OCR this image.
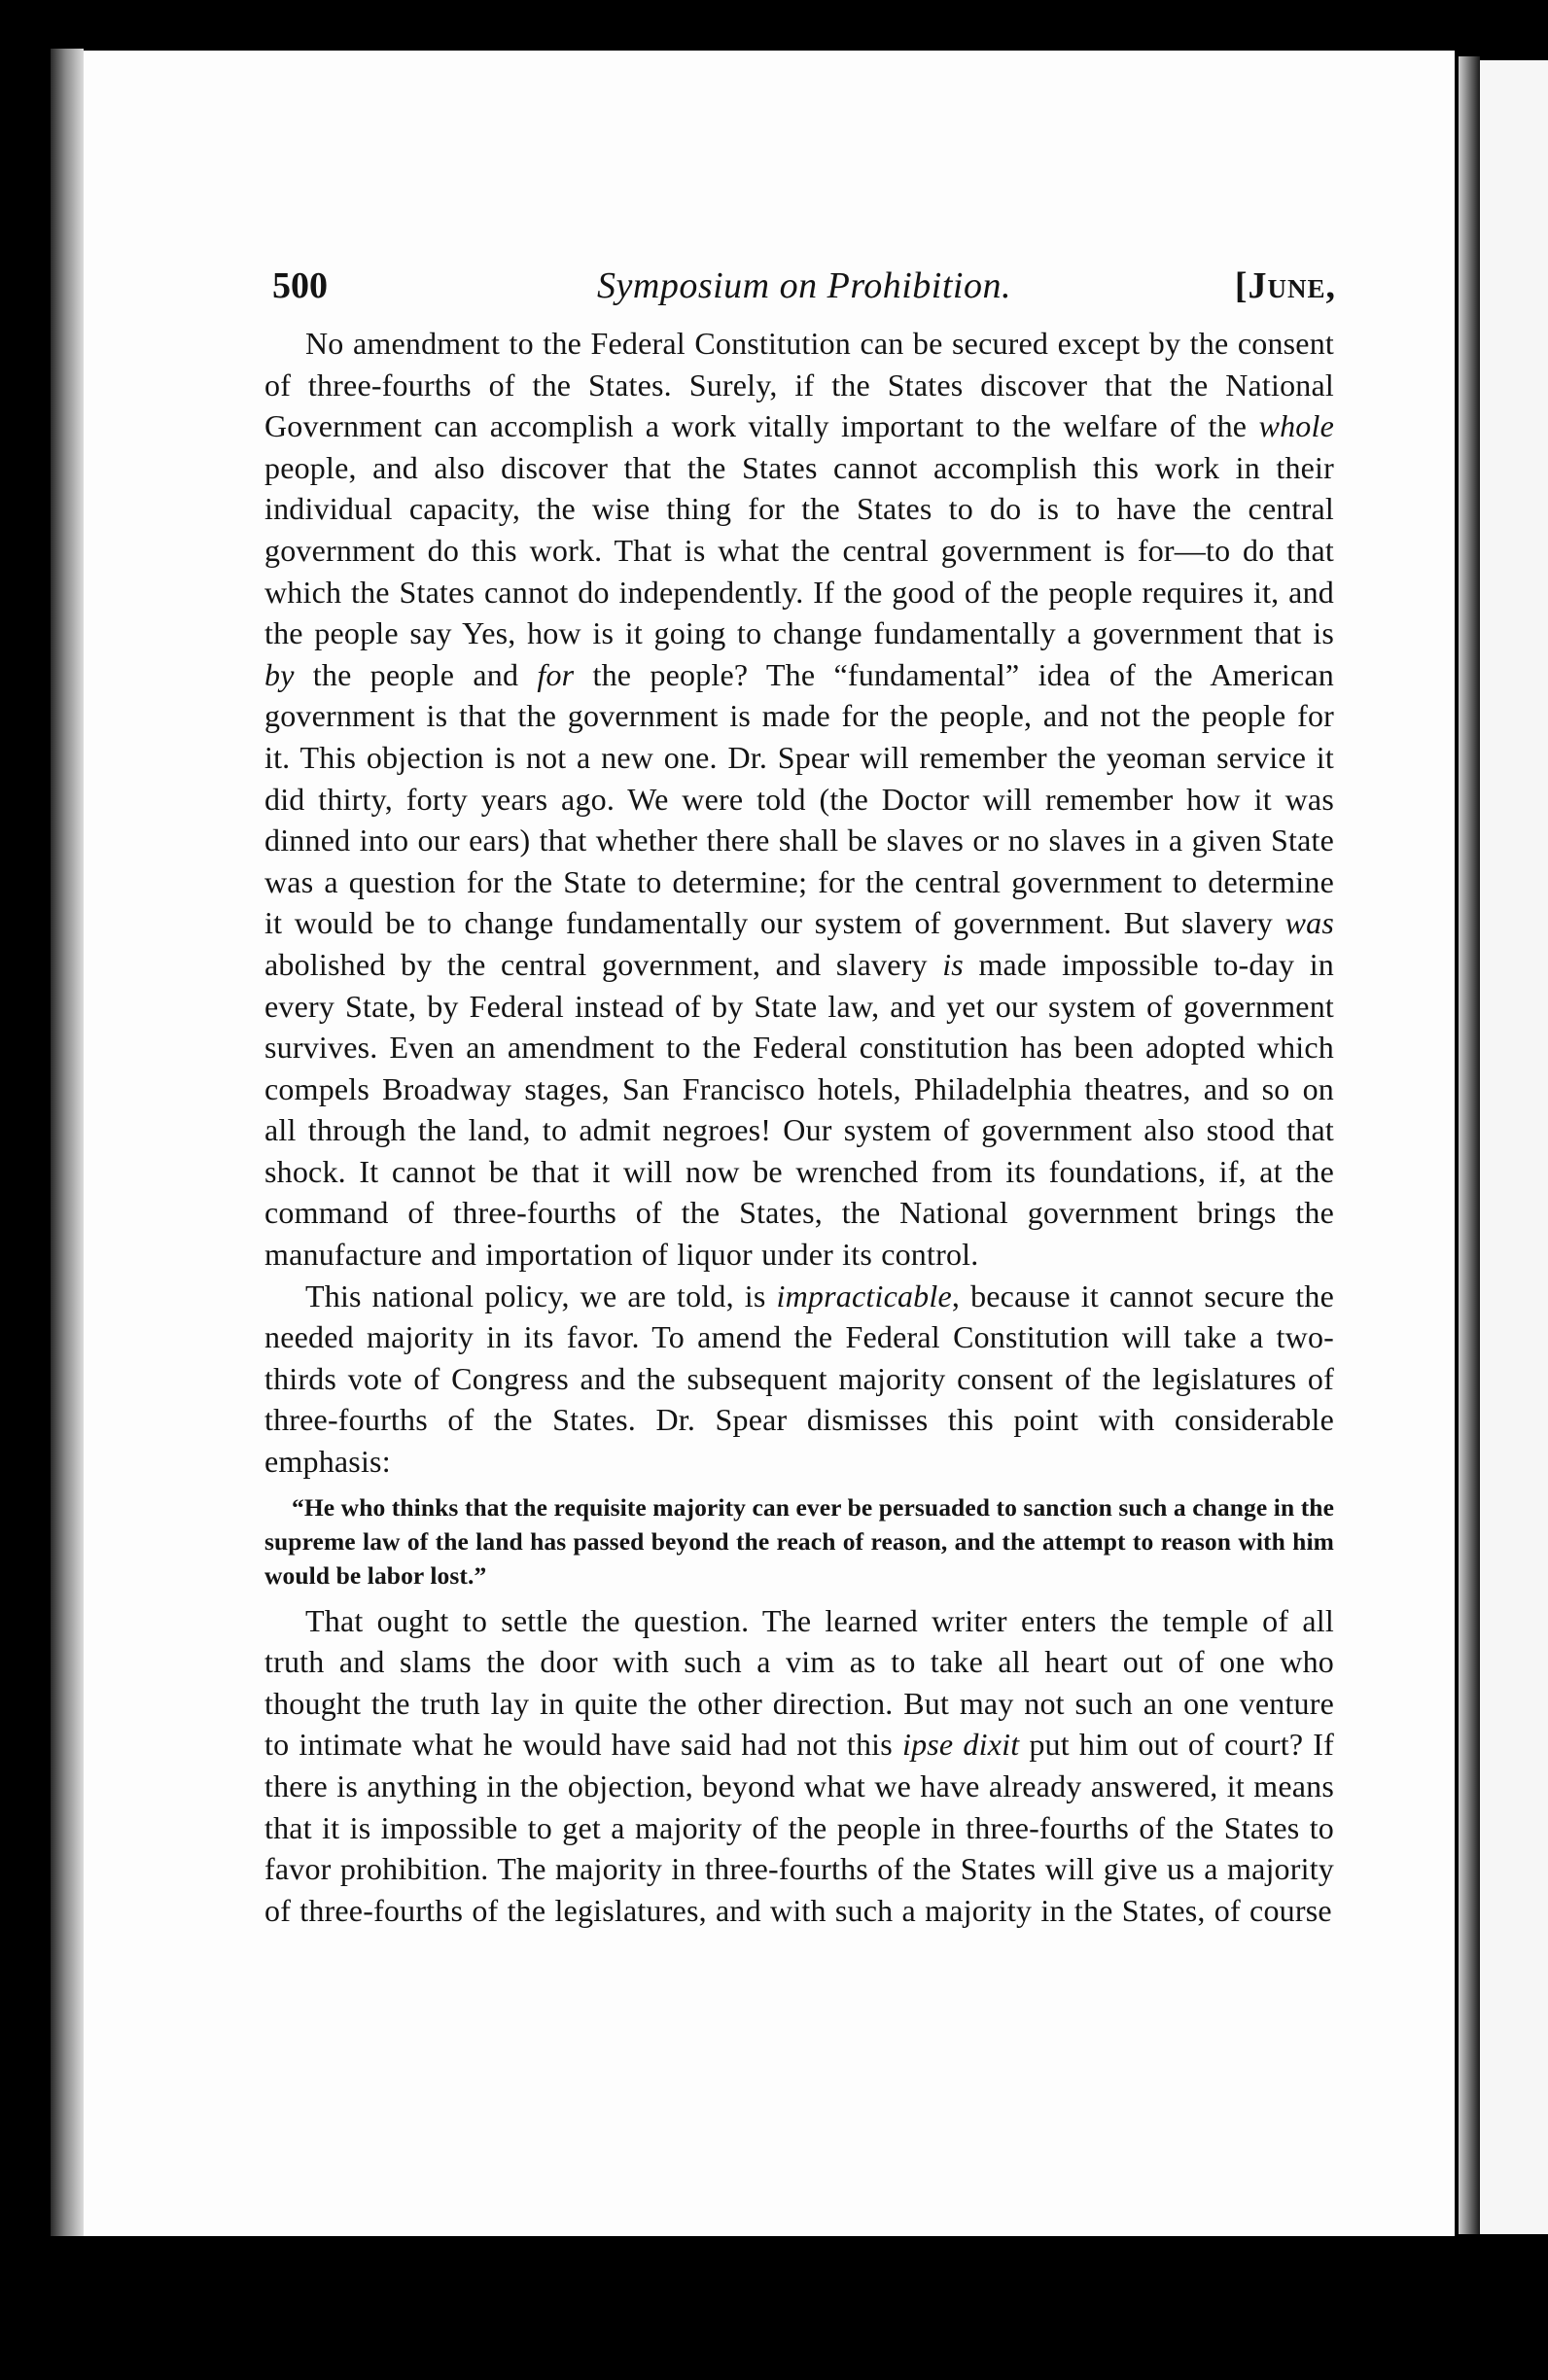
500	Symposium on Prohibition.	[June,

No amendment to the Federal Constitution can be secured except by the consent of three-fourths of the States. Surely, if the States discover that the National Government can accomplish a work vitally important to the welfare of the whole people, and also discover that the States cannot accomplish this work in their individual capacity, the wise thing for the States to do is to have the central government do this work. That is what the central government is for—to do that which the States cannot do independently. If the good of the people requires it, and the people say Yes, how is it going to change fundamentally a government that is by the people and for the people? The “fundamental” idea of the American government is that the government is made for the people, and not the people for it. This objection is not a new one. Dr. Spear will remember the yeoman service it did thirty, forty years ago. We were told (the Doctor will remember how it was dinned into our ears) that whether there shall be slaves or no slaves in a given State was a question for the State to determine; for the central government to determine it would be to change fundamentally our system of government. But slavery was abolished by the central government, and slavery is made impossible to-day in every State, by Federal instead of by State law, and yet our system of government survives. Even an amendment to the Federal constitution has been adopted which compels Broadway stages, San Francisco hotels, Philadelphia theatres, and so on all through the land, to admit negroes! Our system of government also stood that shock. It cannot be that it will now be wrenched from its foundations, if, at the command of three-fourths of the States, the National government brings the manufacture and importation of liquor under its control.

This national policy, we are told, is impracticable, because it cannot secure the needed majority in its favor. To amend the Federal Constitution will take a two-thirds vote of Congress and the subsequent majority consent of the legislatures of three-fourths of the States. Dr. Spear dismisses this point with considerable emphasis:

“He who thinks that the requisite majority can ever be persuaded to sanction such a change in the supreme law of the land has passed beyond the reach of reason, and the attempt to reason with him would be labor lost.”

That ought to settle the question. The learned writer enters the temple of all truth and slams the door with such a vim as to take all heart out of one who thought the truth lay in quite the other direction. But may not such an one venture to intimate what he would have said had not this ipse dixit put him out of court? If there is anything in the objection, beyond what we have already answered, it means that it is impossible to get a majority of the people in three-fourths of the States to favor prohibition. The majority in three-fourths of the States will give us a majority of three-fourths of the legislatures, and with such a majority in the States, of course
